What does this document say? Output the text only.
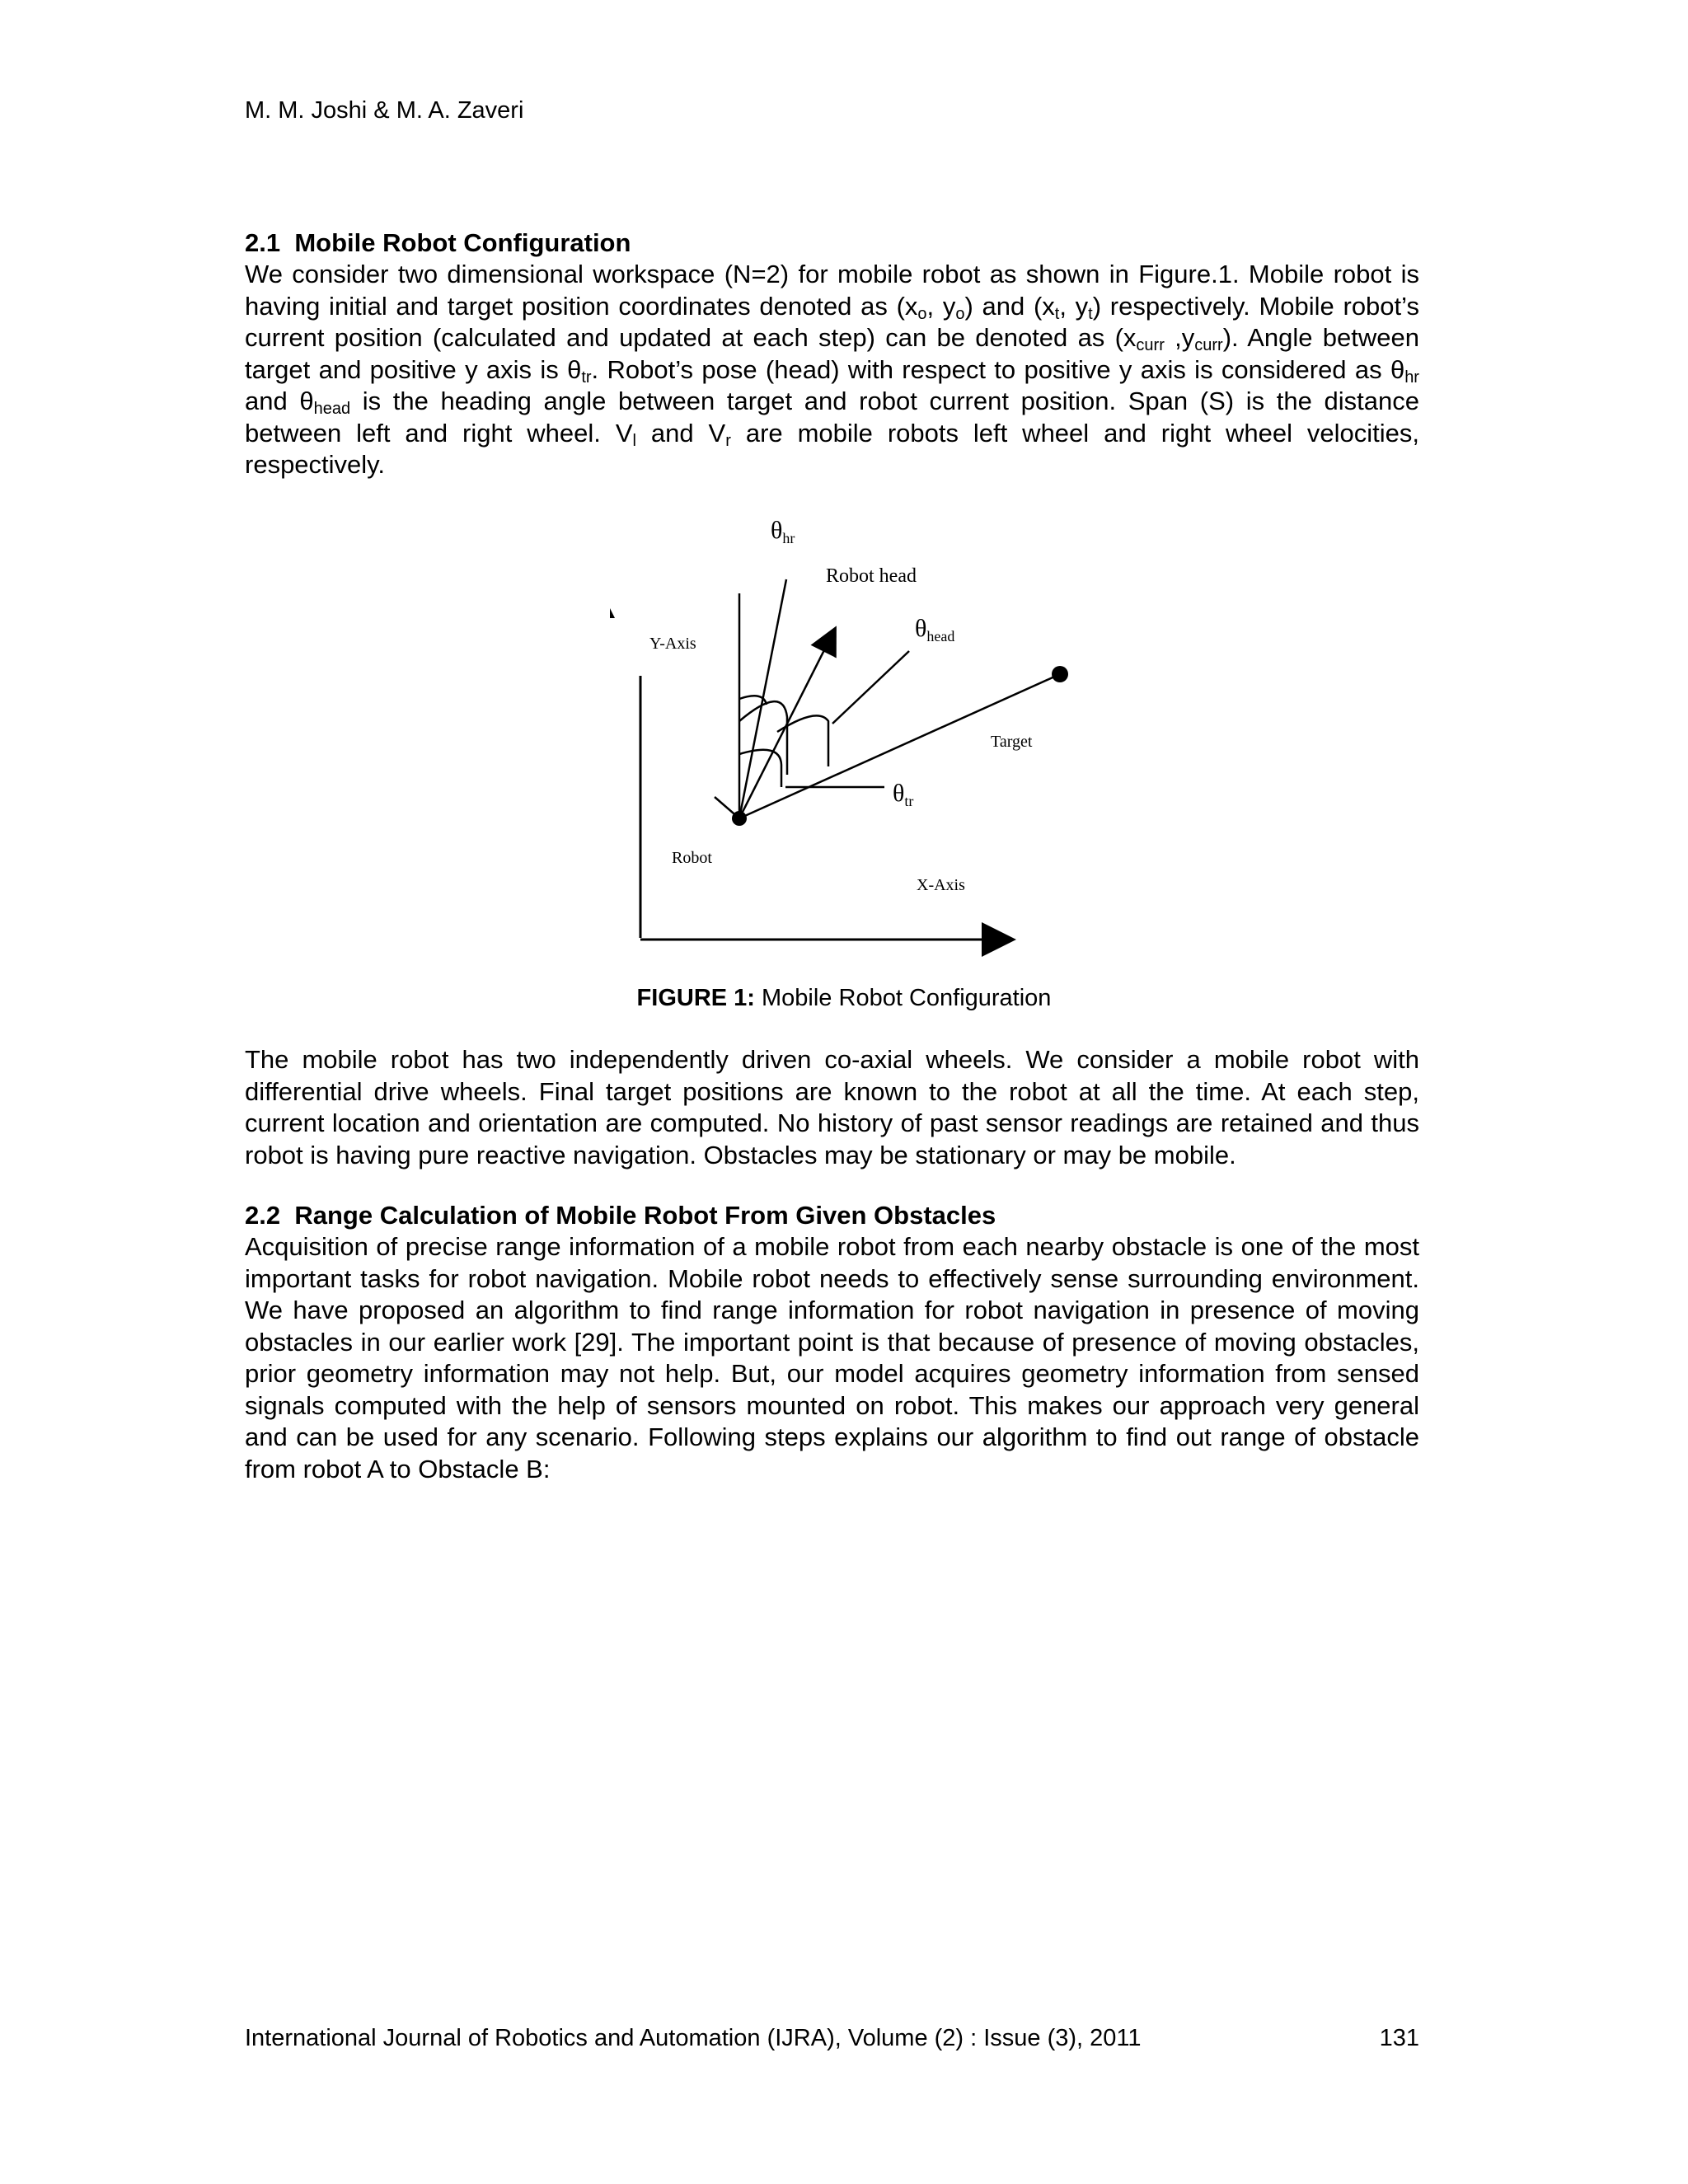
M. M. Joshi & M. A. Zaveri
2.1 Mobile Robot Configuration
We consider two dimensional workspace (N=2) for mobile robot as shown in Figure.1. Mobile robot is having initial and target position coordinates denoted as ($x_o$, $y_o$) and ($x_t$, $y_t$) respectively. Mobile robot’s current position (calculated and updated at each step) can be denoted as ($x_{curr}$ $,y_{curr}$). Angle between target and positive y axis is $\theta_{tr}$. Robot’s pose (head) with respect to positive y axis is considered as $\theta_{hr}$ and $\theta_{head}$ is the heading angle between target and robot current position. Span (S) is the distance between left and right wheel. $V_l$ and $V_r$ are mobile robots left wheel and right wheel velocities, respectively.
$\theta_{hr}$
Robot head
$\theta_{head}$
Y-Axis
Target
$\theta_{tr}$
Robot
X-Axis
FIGURE 1: Mobile Robot Configuration
The mobile robot has two independently driven co-axial wheels. We consider a mobile robot with differential drive wheels. Final target positions are known to the robot at all the time. At each step, current location and orientation are computed. No history of past sensor readings are retained and thus robot is having pure reactive navigation. Obstacles may be stationary or may be mobile.
2.2 Range Calculation of Mobile Robot From Given Obstacles
Acquisition of precise range information of a mobile robot from each nearby obstacle is one of the most important tasks for robot navigation. Mobile robot needs to effectively sense surrounding environment. We have proposed an algorithm to find range information for robot navigation in presence of moving obstacles in our earlier work [29]. The important point is that because of presence of moving obstacles, prior geometry information may not help. But, our model acquires geometry information from sensed signals computed with the help of sensors mounted on robot. This makes our approach very general and can be used for any scenario. Following steps explains our algorithm to find out range of obstacle from robot A to Obstacle B:
International Journal of Robotics and Automation (IJRA), Volume (2) : Issue (3), 2011	131
